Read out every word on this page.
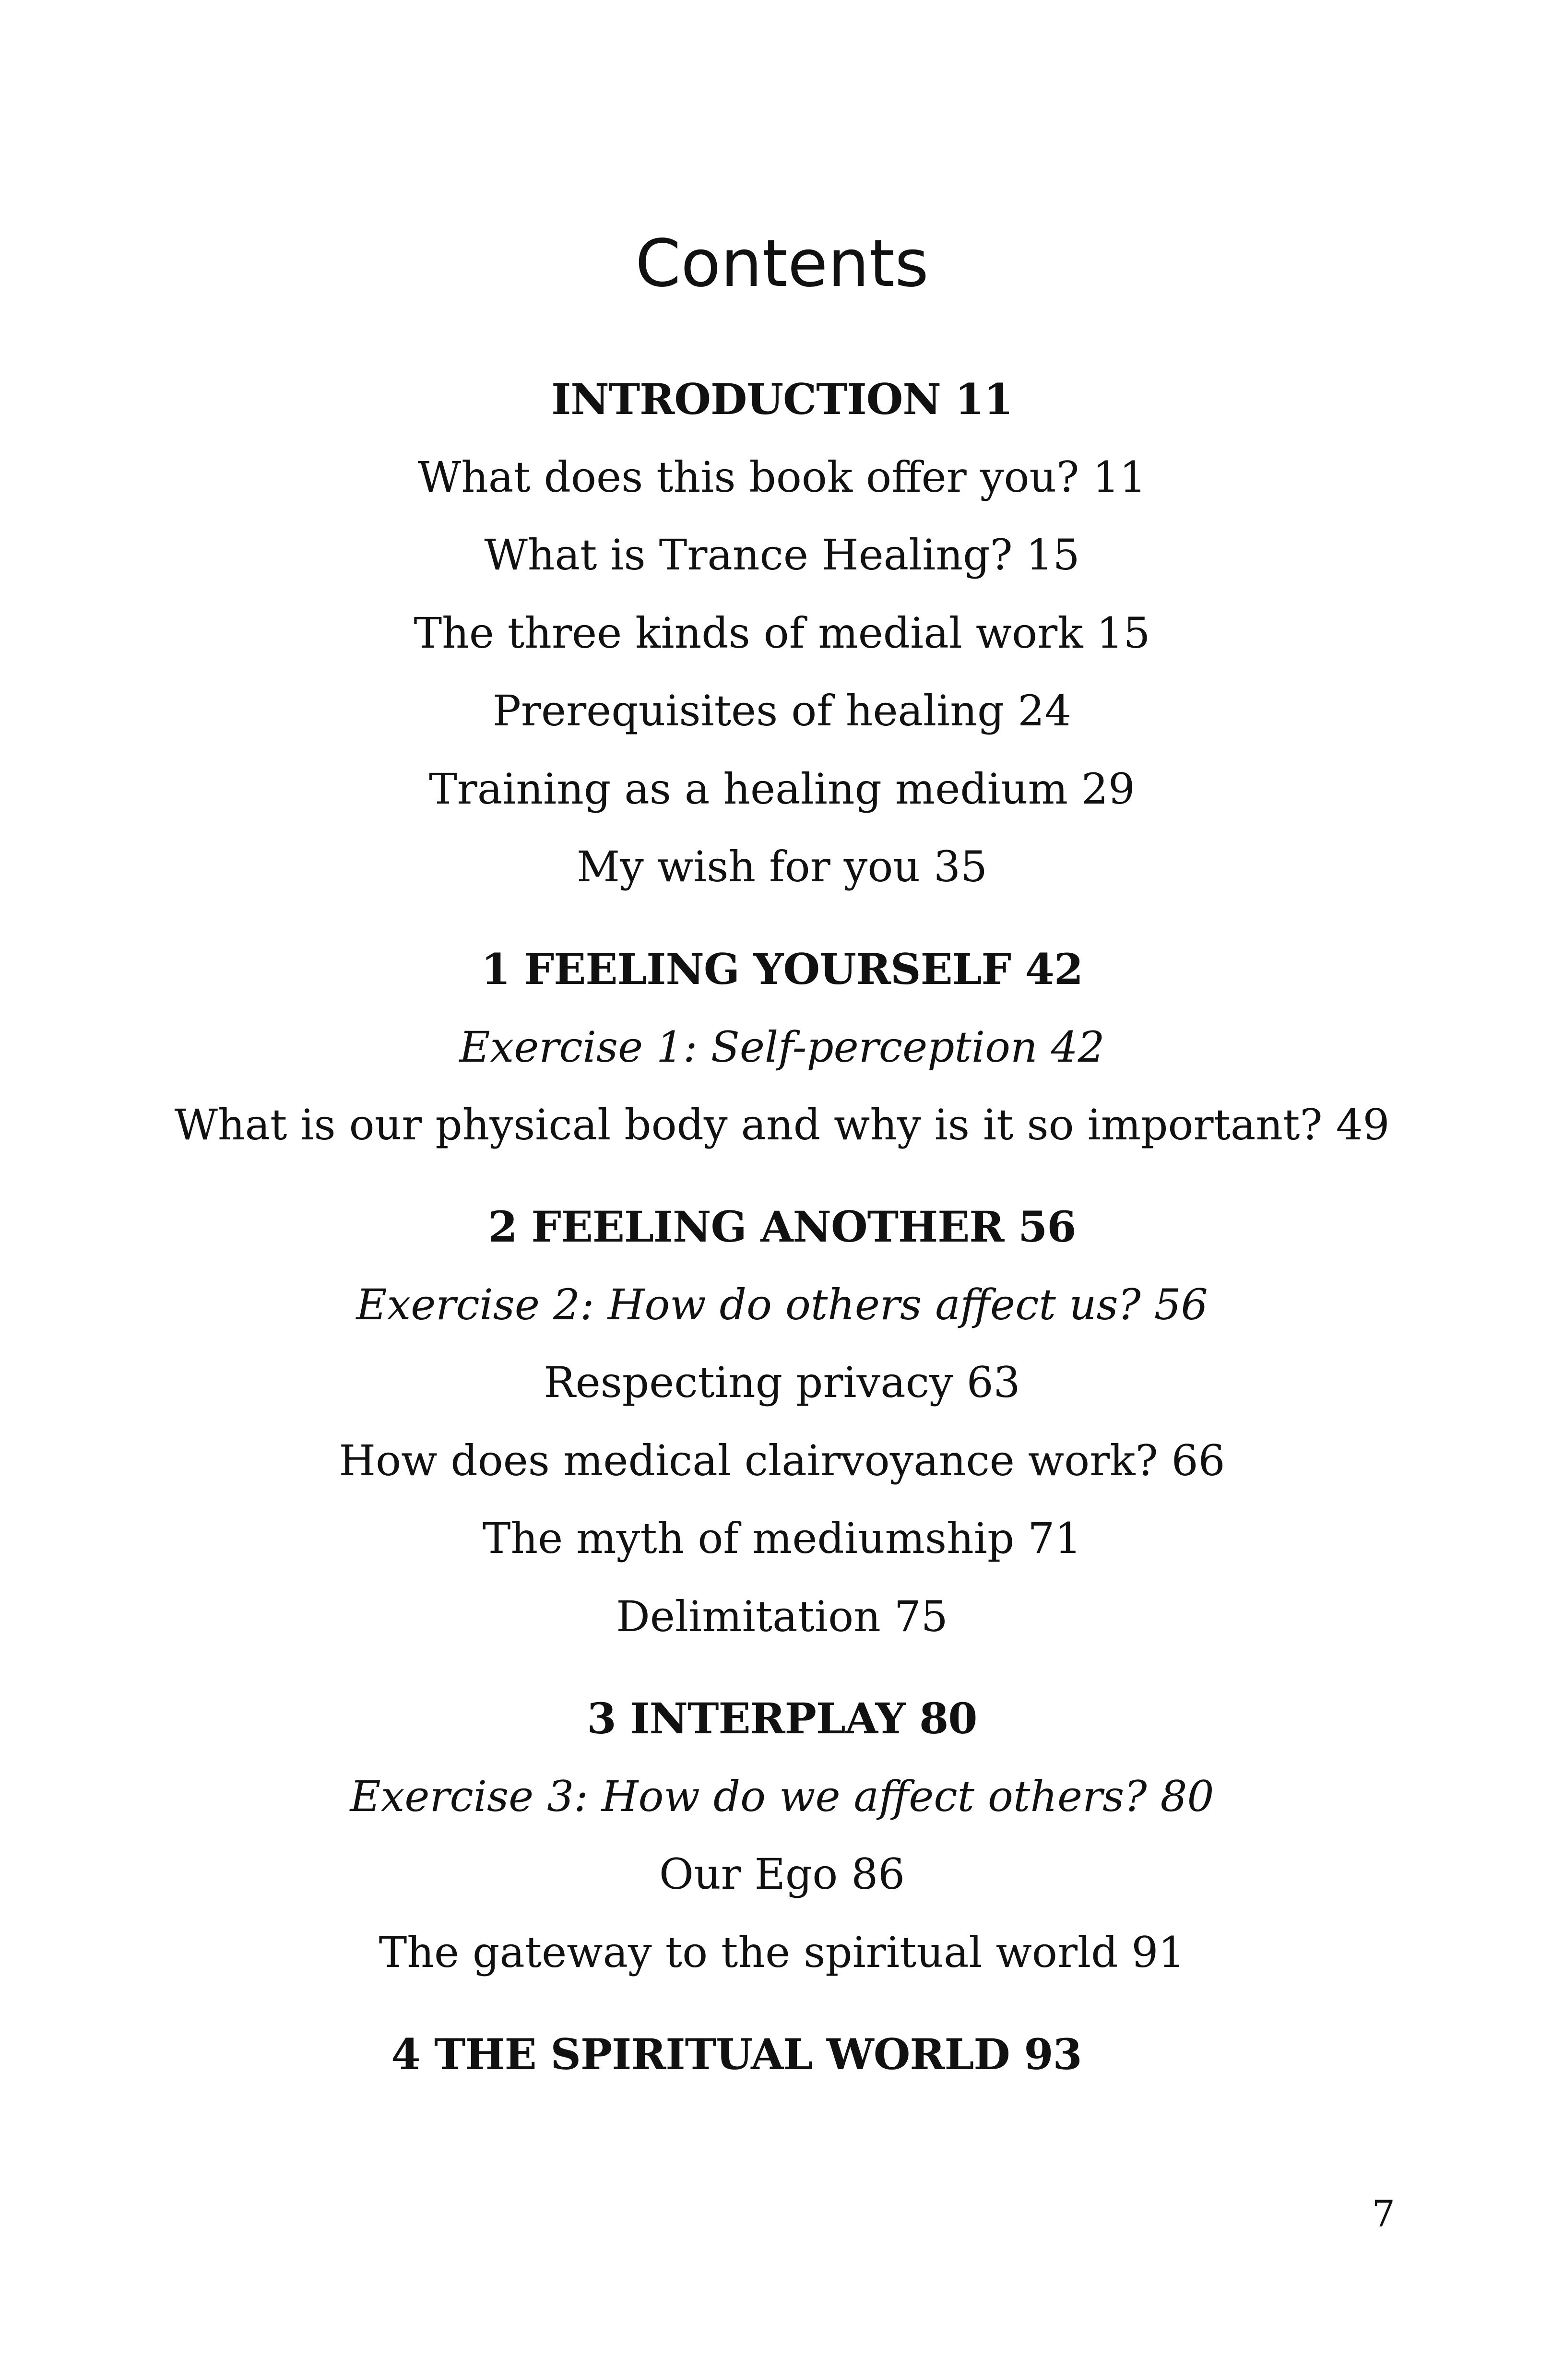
Contents
INTRODUCTION 11
What does this book offer you? 11
What is Trance Healing? 15
The three kinds of medial work 15
Prerequisites of healing 24
Training as a healing medium 29
My wish for you 35
1 FEELING YOURSELF 42
Exercise 1: Self-perception 42
What is our physical body and why is it so important? 49
2 FEELING ANOTHER 56
Exercise 2: How do others affect us? 56
Respecting privacy 63
How does medical clairvoyance work? 66
The myth of mediumship 71
Delimitation 75
3 INTERPLAY 80
Exercise 3: How do we affect others? 80
Our Ego 86
The gateway to the spiritual world 91
4 THE SPIRITUAL WORLD 93
7
